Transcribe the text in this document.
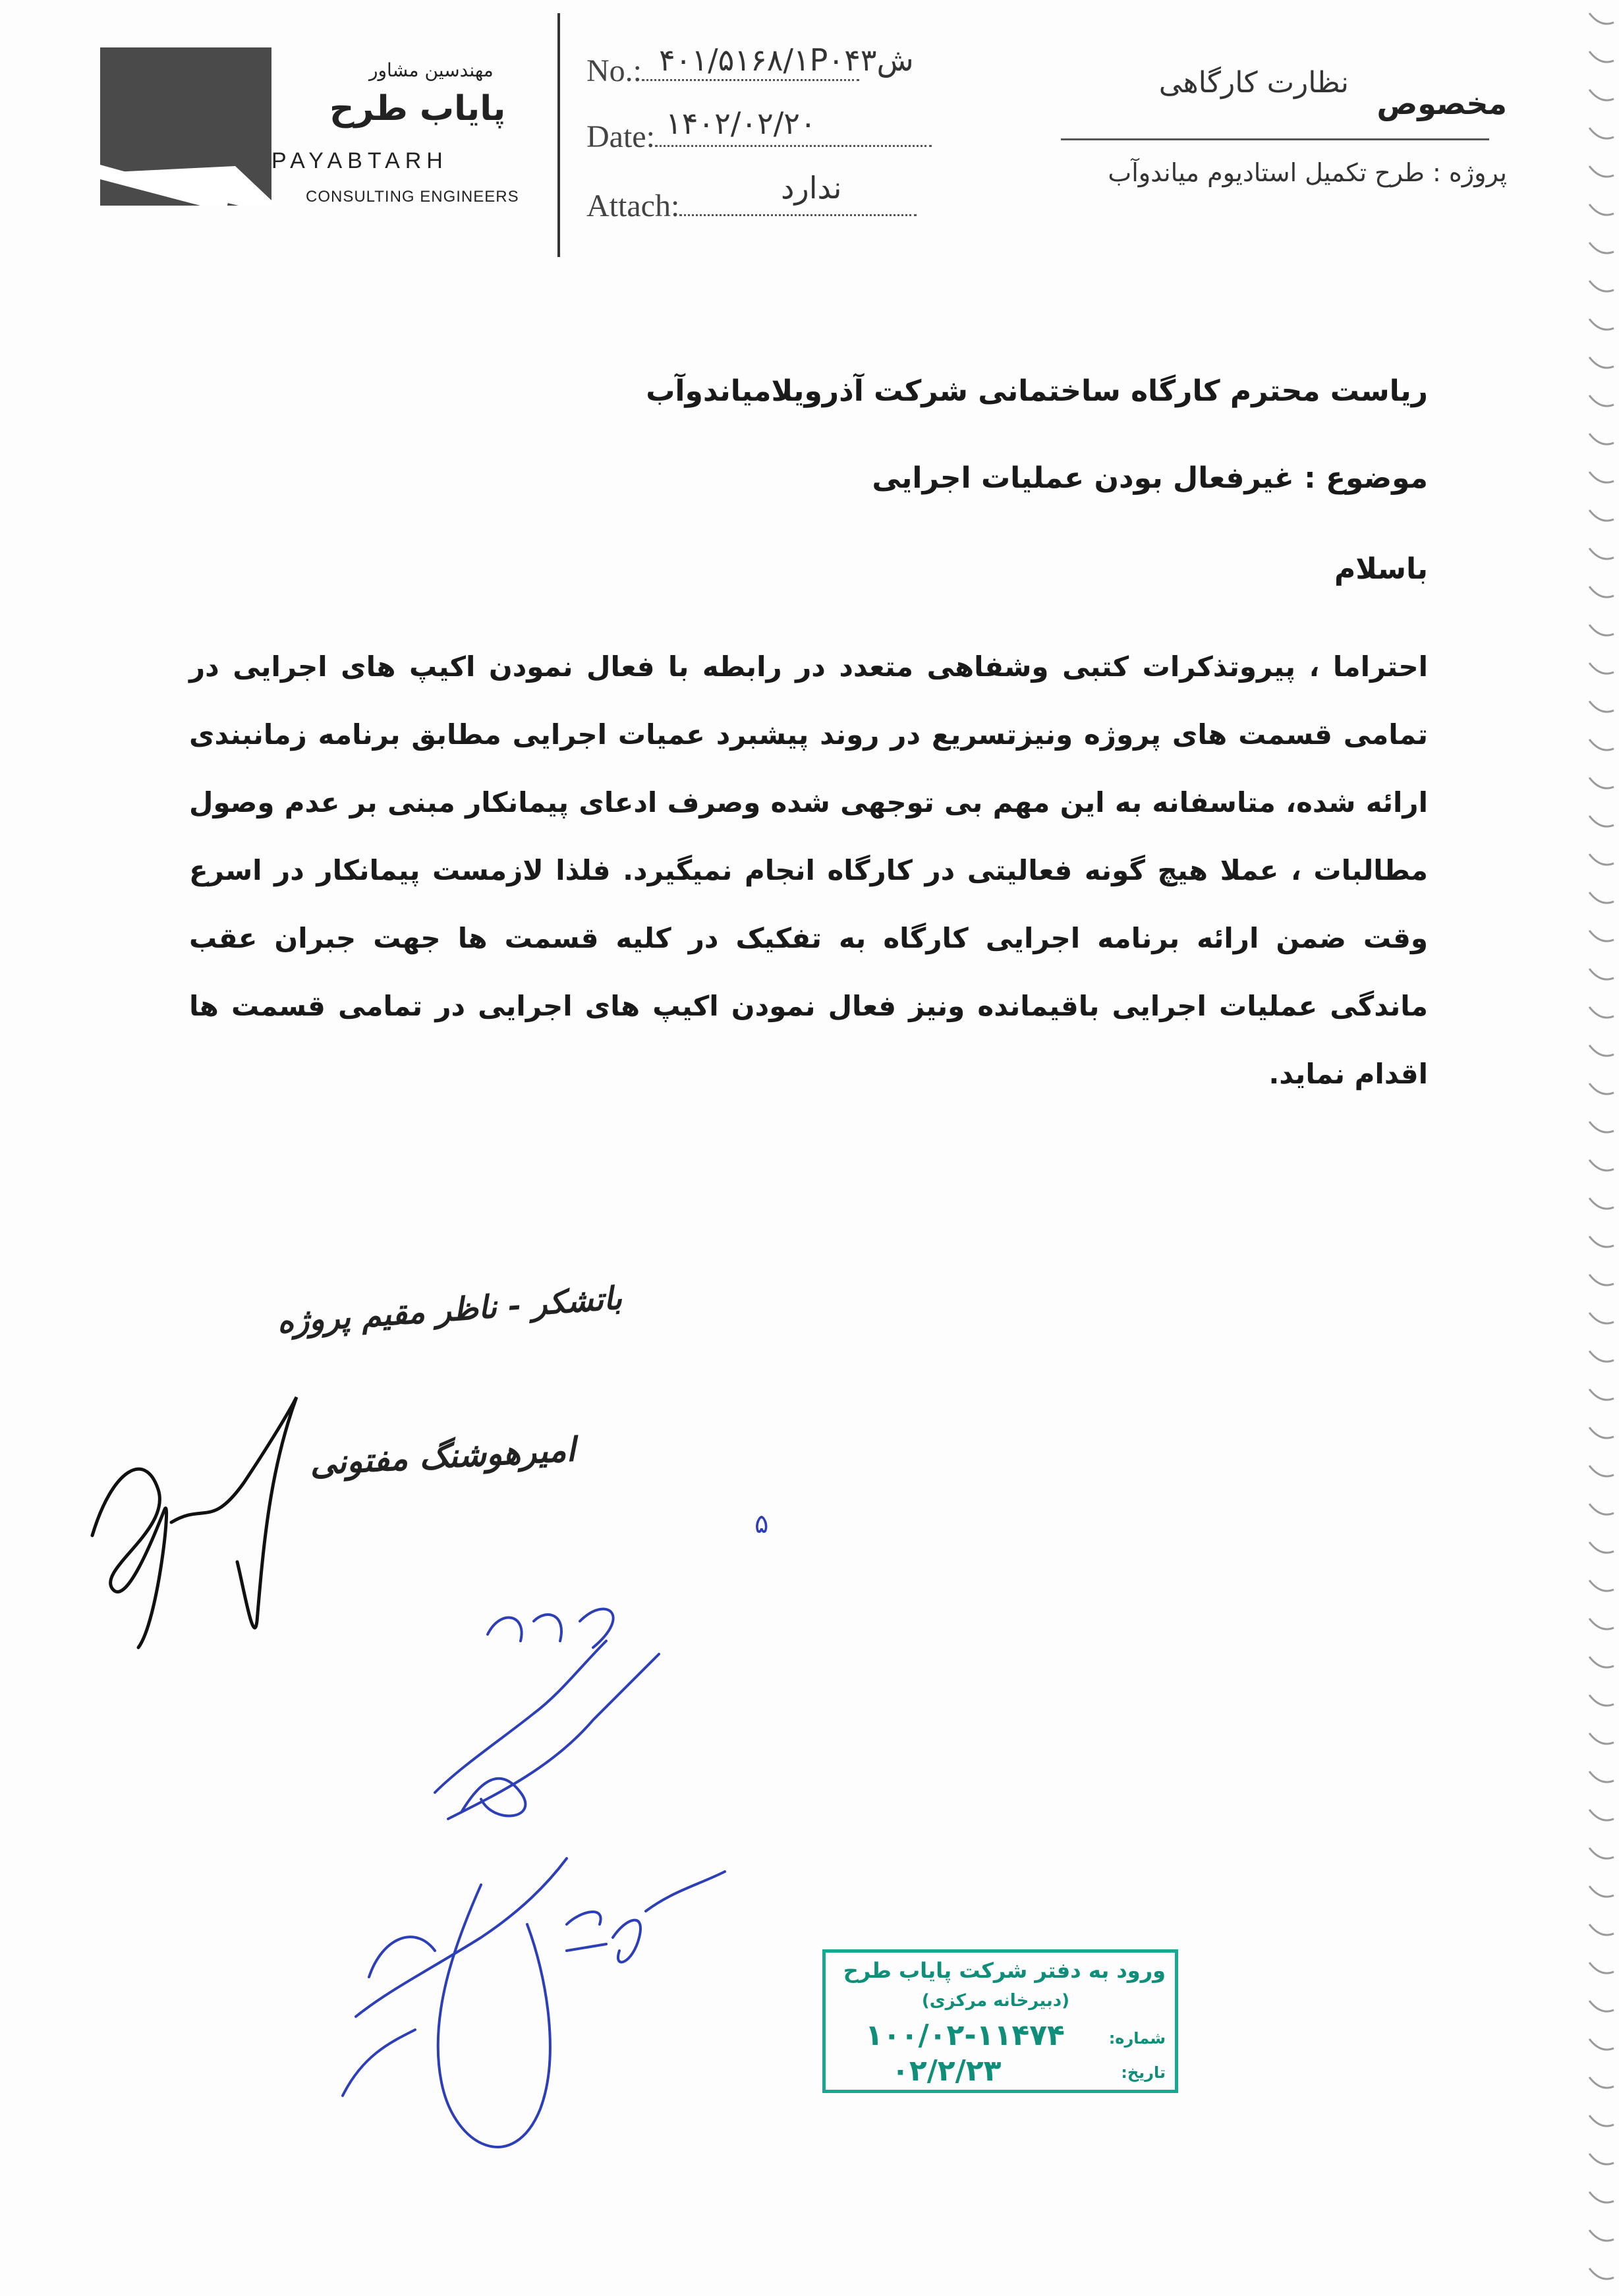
مهندسین مشاور
پایاب طرح
PAYABTARH
CONSULTING ENGINEERS
No.: ۴۰۱/۵۱۶۸/۱P۰۴۳ش
Date: ۱۴۰۲/۰۲/۲۰
Attach:
ندارد
مخصوص
نظارت کارگاهی
پروژه : طرح تکمیل استادیوم میاندوآب
ریاست محترم کارگاه ساختمانی شرکت آذرویلامیاندوآب
موضوع : غیرفعال بودن عملیات اجرایی
باسلام
احتراما ، پیروتذکرات کتبی وشفاهی متعدد در رابطه با فعال نمودن اکیپ های اجرایی در تمامی قسمت های پروژه ونیزتسریع در روند پیشبرد عمیات اجرایی مطابق برنامه زمانبندی ارائه شده، متاسفانه به این مهم بی توجهی شده وصرف ادعای پیمانکار مبنی بر عدم وصول مطالبات ، عملا هیچ گونه فعالیتی در کارگاه انجام نمیگیرد. فلذا لازمست پیمانکار در اسرع وقت ضمن ارائه برنامه اجرایی کارگاه به تفکیک در کلیه قسمت ها جهت جبران عقب ماندگی عملیات اجرایی باقیمانده ونیز فعال نمودن اکیپ های اجرایی در تمامی قسمت ها اقدام نماید.
باتشکر - ناظر مقیم پروژه
امیرهوشنگ مفتونی
۵
ورود به دفتر شرکت پایاب طرح
(دبیرخانه مرکزی)
شماره:
۱۰۰/۰۲-۱۱۴۷۴
تاریخ:
۰۲/۲/۲۳
